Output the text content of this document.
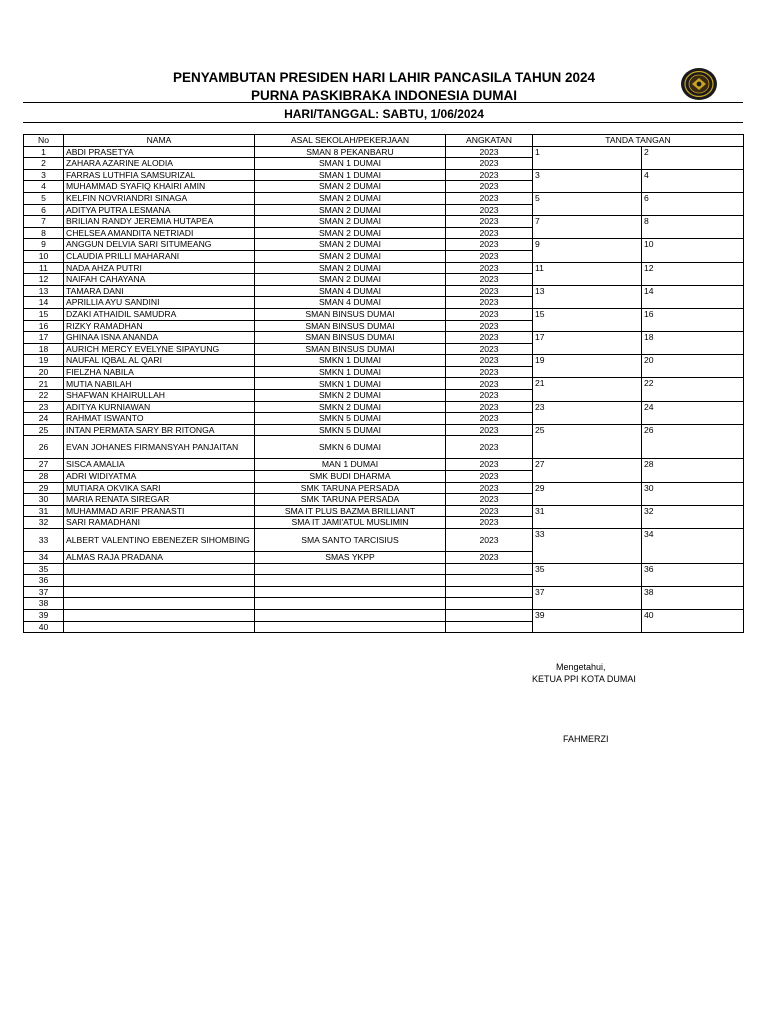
PENYAMBUTAN PRESIDEN HARI LAHIR PANCASILA TAHUN 2024
PURNA PASKIBRAKA INDONESIA DUMAI
HARI/TANGGAL: SABTU, 1/06/2024
No	NAMA	ASAL SEKOLAH/PEKERJAAN	ANGKATAN	TANDA TANGAN	
1	ABDI PRASETYA	SMAN 8 PEKANBARU	2023	1	2
2	ZAHARA AZARINE ALODIA	SMAN 1 DUMAI	2023		
3	FARRAS LUTHFIA SAMSURIZAL	SMAN 1 DUMAI	2023	3	4
4	MUHAMMAD SYAFIQ KHAIRI AMIN	SMAN 2 DUMAI	2023		
5	KELFIN NOVRIANDRI SINAGA	SMAN 2 DUMAI	2023	5	6
6	ADITYA PUTRA LESMANA	SMAN 2 DUMAI	2023		
7	BRILIAN RANDY JEREMIA HUTAPEA	SMAN 2 DUMAI	2023	7	8
8	CHELSEA AMANDITA NETRIADI	SMAN 2 DUMAI	2023		
9	ANGGUN DELVIA SARI SITUMEANG	SMAN 2 DUMAI	2023	9	10
10	CLAUDIA PRILLI MAHARANI	SMAN 2 DUMAI	2023		
11	NADA AHZA PUTRI	SMAN 2 DUMAI	2023	11	12
12	NAIFAH CAHAYANA	SMAN 2 DUMAI	2023		
13	TAMARA DANI	SMAN 4 DUMAI	2023	13	14
14	APRILLIA AYU SANDINI	SMAN 4 DUMAI	2023		
15	DZAKI ATHAIDIL SAMUDRA	SMAN BINSUS DUMAI	2023	15	16
16	RIZKY RAMADHAN	SMAN BINSUS DUMAI	2023		
17	GHINAA ISNA ANANDA	SMAN BINSUS DUMAI	2023	17	18
18	AURICH MERCY EVELYNE SIPAYUNG	SMAN BINSUS DUMAI	2023		
19	NAUFAL IQBAL AL QARI	SMKN 1 DUMAI	2023	19	20
20	FIELZHA NABILA	SMKN 1 DUMAI	2023		
21	MUTIA NABILAH	SMKN 1 DUMAI	2023	21	22
22	SHAFWAN KHAIRULLAH	SMKN 2 DUMAI	2023		
23	ADITYA KURNIAWAN	SMKN 2 DUMAI	2023	23	24
24	RAHMAT ISWANTO	SMKN 5 DUMAI	2023		
25	INTAN PERMATA SARY BR RITONGA	SMKN 5 DUMAI	2023	25	26
26	EVAN JOHANES FIRMANSYAH PANJAITAN	SMKN 6 DUMAI	2023		
27	SISCA AMALIA	MAN 1 DUMAI	2023	27	28
28	ADRI WIDIYATMA	SMK BUDI DHARMA	2023		
29	MUTIARA OKVIKA SARI	SMK TARUNA PERSADA	2023	29	30
30	MARIA RENATA SIREGAR	SMK TARUNA PERSADA	2023		
31	MUHAMMAD ARIF PRANASTI	SMA IT PLUS BAZMA BRILLIANT	2023	31	32
32	SARI RAMADHANI	SMA IT JAMI'ATUL MUSLIMIN	2023		
33	ALBERT VALENTINO EBENEZER SIHOMBING	SMA SANTO TARCISIUS	2023	33	34
34	ALMAS RAJA PRADANA	SMAS YKPP	2023		
35				35	36
36					
37				37	38
38					
39				39	40
40					
Mengetahui,
KETUA PPI KOTA DUMAI
FAHMERZI
